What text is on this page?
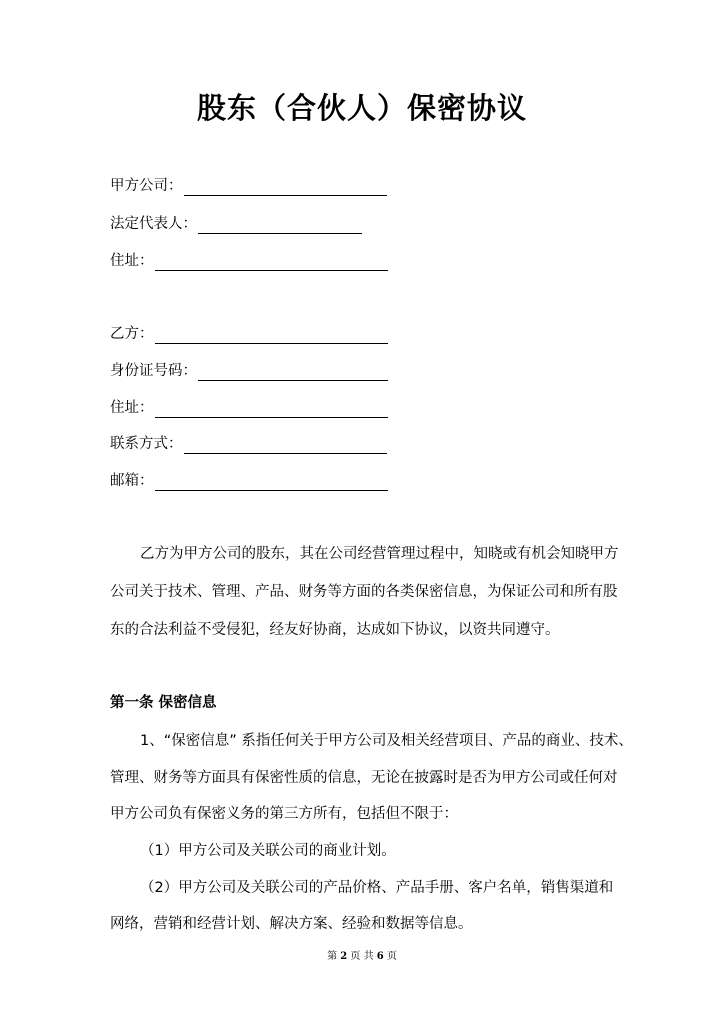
股东（合伙人）保密协议
甲方公司：
法定代表人：
住址：
乙方：
身份证号码：
住址：
联系方式：
邮箱：
乙方为甲方公司的股东，其在公司经营管理过程中，知晓或有机会知晓甲方
公司关于技术、管理、产品、财务等方面的各类保密信息，为保证公司和所有股
东的合法利益不受侵犯，经友好协商，达成如下协议，以资共同遵守。
第一条 保密信息
1、“保密信息” 系指任何关于甲方公司及相关经营项目、产品的商业、技术、
管理、财务等方面具有保密性质的信息，无论在披露时是否为甲方公司或任何对
甲方公司负有保密义务的第三方所有，包括但不限于：
（1）甲方公司及关联公司的商业计划。
（2）甲方公司及关联公司的产品价格、产品手册、客户名单，销售渠道和
网络，营销和经营计划、解决方案、经验和数据等信息。
第 2 页 共 6 页
